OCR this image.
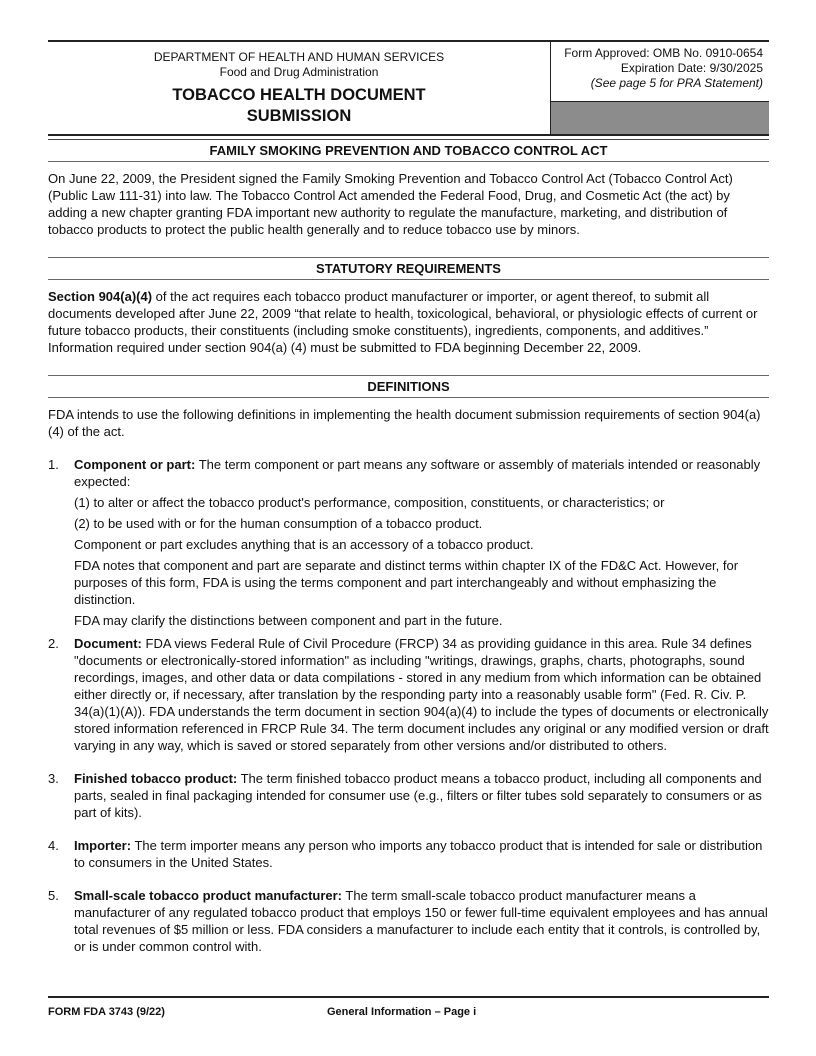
DEPARTMENT OF HEALTH AND HUMAN SERVICES
Food and Drug Administration
TOBACCO HEALTH DOCUMENT
SUBMISSION
Form Approved: OMB No. 0910-0654
Expiration Date: 9/30/2025
(See page 5 for PRA Statement)
FAMILY SMOKING PREVENTION AND TOBACCO CONTROL ACT

On June 22, 2009, the President signed the Family Smoking Prevention and Tobacco Control Act (Tobacco Control Act) (Public Law 111-31) into law. The Tobacco Control Act amended the Federal Food, Drug, and Cosmetic Act (the act) by adding a new chapter granting FDA important new authority to regulate the manufacture, marketing, and distribution of tobacco products to protect the public health generally and to reduce tobacco use by minors.

STATUTORY REQUIREMENTS

Section 904(a)(4) of the act requires each tobacco product manufacturer or importer, or agent thereof, to submit all documents developed after June 22, 2009 “that relate to health, toxicological, behavioral, or physiologic effects of current or future tobacco products, their constituents (including smoke constituents), ingredients, components, and additives.” Information required under section 904(a) (4) must be submitted to FDA beginning December 22, 2009.

DEFINITIONS

FDA intends to use the following definitions in implementing the health document submission requirements of section 904(a)(4) of the act.

1.	Component or part: The term component or part means any software or assembly of materials intended or reasonably expected:

(1) to alter or affect the tobacco product's performance, composition, constituents, or characteristics; or

(2) to be used with or for the human consumption of a tobacco product.

Component or part excludes anything that is an accessory of a tobacco product.

FDA notes that component and part are separate and distinct terms within chapter IX of the FD&C Act. However, for purposes of this form, FDA is using the terms component and part interchangeably and without emphasizing the distinction.

FDA may clarify the distinctions between component and part in the future.

2.	Document: FDA views Federal Rule of Civil Procedure (FRCP) 34 as providing guidance in this area. Rule 34 defines "documents or electronically-stored information" as including "writings, drawings, graphs, charts, photographs, sound recordings, images, and other data or data compilations - stored in any medium from which information can be obtained either directly or, if necessary, after translation by the responding party into a reasonably usable form" (Fed. R. Civ. P. 34(a)(1)(A)). FDA understands the term document in section 904(a)(4) to include the types of documents or electronically stored information referenced in FRCP Rule 34. The term document includes any original or any modified version or draft varying in any way, which is saved or stored separately from other versions and/or distributed to others.

3.	Finished tobacco product: The term finished tobacco product means a tobacco product, including all components and parts, sealed in final packaging intended for consumer use (e.g., filters or filter tubes sold separately to consumers or as part of kits).

4.	Importer: The term importer means any person who imports any tobacco product that is intended for sale or distribution to consumers in the United States.

5.	Small-scale tobacco product manufacturer: The term small-scale tobacco product manufacturer means a manufacturer of any regulated tobacco product that employs 150 or fewer full-time equivalent employees and has annual total revenues of $5 million or less. FDA considers a manufacturer to include each entity that it controls, is controlled by, or is under common control with.

FORM FDA 3743 (9/22)	General Information – Page i
